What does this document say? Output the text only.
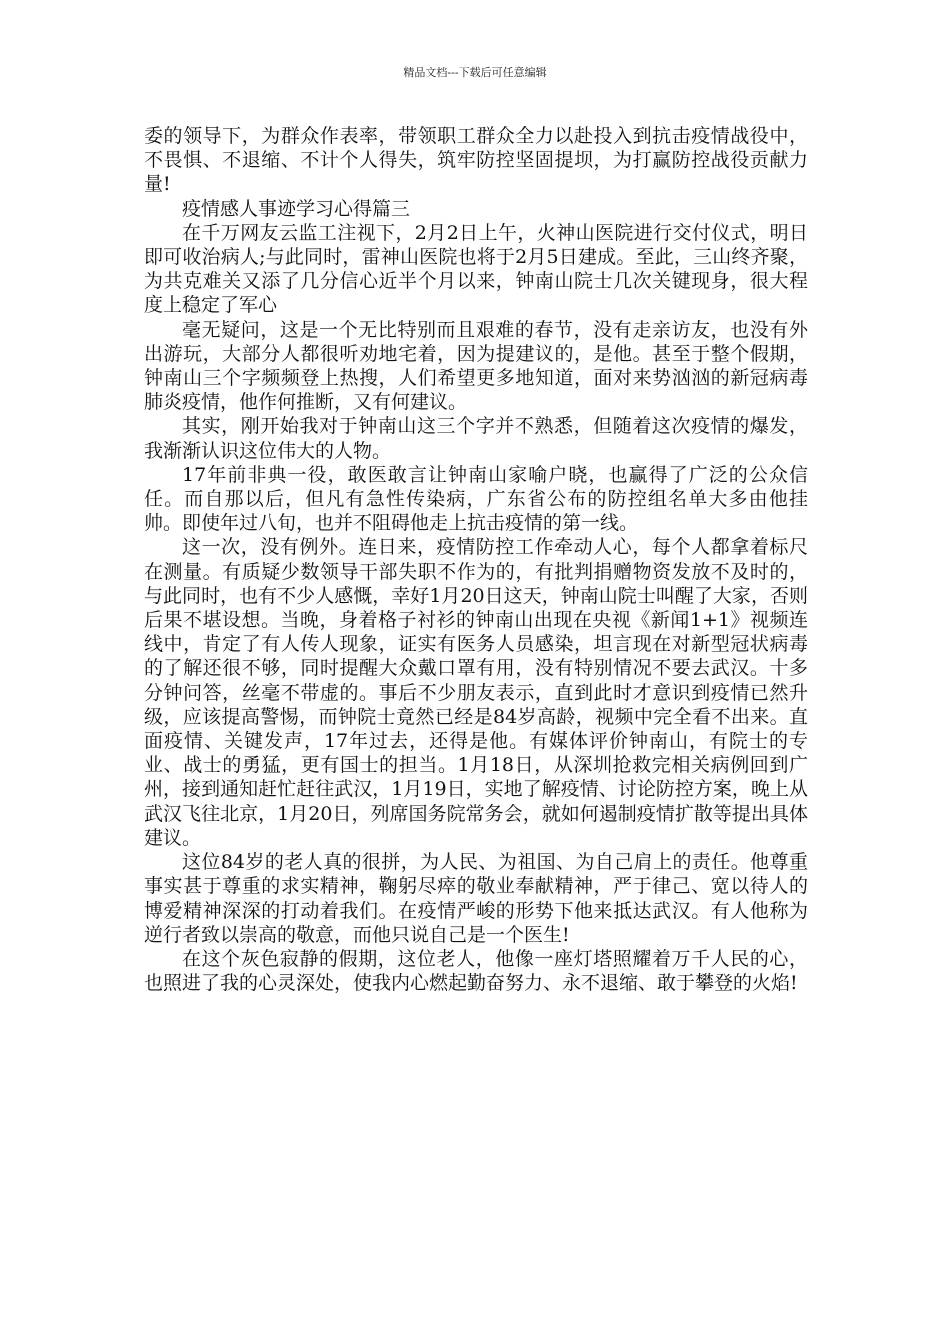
精品文档---下载后可任意编辑

委的领导下，为群众作表率，带领职工群众全力以赴投入到抗击疫情战役中，不畏惧、不退缩、不计个人得失，筑牢防控坚固提坝，为打赢防控战役贡献力量!

疫情感人事迹学习心得篇三

在千万网友云监工注视下，2月2日上午，火神山医院进行交付仪式，明日即可收治病人;与此同时，雷神山医院也将于2月5日建成。至此，三山终齐聚，为共克难关又添了几分信心近半个月以来，钟南山院士几次关键现身，很大程度上稳定了军心

毫无疑问，这是一个无比特别而且艰难的春节，没有走亲访友，也没有外出游玩，大部分人都很听劝地宅着，因为提建议的，是他。甚至于整个假期，钟南山三个字频频登上热搜，人们希望更多地知道，面对来势汹汹的新冠病毒肺炎疫情，他作何推断，又有何建议。

其实，刚开始我对于钟南山这三个字并不熟悉，但随着这次疫情的爆发，我渐渐认识这位伟大的人物。

17年前非典一役，敢医敢言让钟南山家喻户晓，也赢得了广泛的公众信任。而自那以后，但凡有急性传染病，广东省公布的防控组名单大多由他挂帅。即使年过八旬，也并不阻碍他走上抗击疫情的第一线。

这一次，没有例外。连日来，疫情防控工作牵动人心，每个人都拿着标尺在测量。有质疑少数领导干部失职不作为的，有批判捐赠物资发放不及时的，与此同时，也有不少人感慨，幸好1月20日这天，钟南山院士叫醒了大家，否则后果不堪设想。当晚，身着格子衬衫的钟南山出现在央视《新闻1+1》视频连线中，肯定了有人传人现象，证实有医务人员感染，坦言现在对新型冠状病毒的了解还很不够，同时提醒大众戴口罩有用，没有特别情况不要去武汉。十多分钟问答，丝毫不带虚的。事后不少朋友表示，直到此时才意识到疫情已然升级，应该提高警惕，而钟院士竟然已经是84岁高龄，视频中完全看不出来。直面疫情、关键发声，17年过去，还得是他。有媒体评价钟南山，有院士的专业、战士的勇猛，更有国士的担当。1月18日，从深圳抢救完相关病例回到广州，接到通知赶忙赶往武汉，1月19日，实地了解疫情、讨论防控方案，晚上从武汉飞往北京，1月20日，列席国务院常务会，就如何遏制疫情扩散等提出具体建议。

这位84岁的老人真的很拼，为人民、为祖国、为自己肩上的责任。他尊重事实甚于尊重的求实精神，鞠躬尽瘁的敬业奉献精神，严于律己、宽以待人的博爱精神深深的打动着我们。在疫情严峻的形势下他来抵达武汉。有人他称为逆行者致以崇高的敬意，而他只说自己是一个医生!

在这个灰色寂静的假期，这位老人，他像一座灯塔照耀着万千人民的心，也照进了我的心灵深处，使我内心燃起勤奋努力、永不退缩、敢于攀登的火焰!
